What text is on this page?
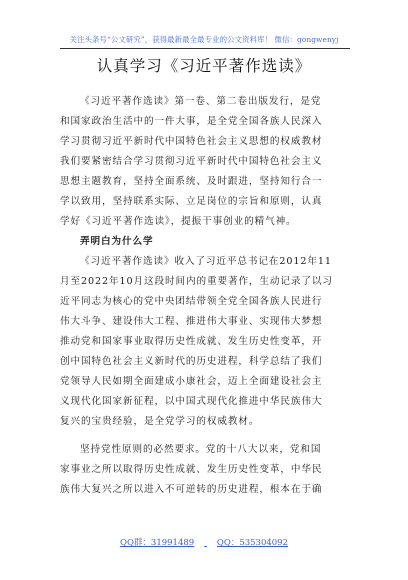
关注头条号“公文研究”，获得最新最全最专业的公文资料库！ 微信：gongwenyj
认真学习《习近平著作选读》
《习近平著作选读》第一卷、第二卷出版发行，是党
和国家政治生活中的一件大事，是全党全国各族人民深入
学习贯彻习近平新时代中国特色社会主义思想的权威教材
我们要紧密结合学习贯彻习近平新时代中国特色社会主义
思想主题教育，坚持全面系统、及时跟进，坚持知行合一
学以致用，坚持联系实际、立足岗位的宗旨和原则，认真
学好《习近平著作选读》，提振干事创业的精气神。
弄明白为什么学
《习近平著作选读》收入了习近平总书记在2012年11
月至2022年10月这段时间内的重要著作，生动记录了以习
近平同志为核心的党中央团结带领全党全国各族人民进行
伟大斗争、建设伟大工程、推进伟大事业、实现伟大梦想
推动党和国家事业取得历史性成就、发生历史性变革，开
创中国特色社会主义新时代的历史进程，科学总结了我们
党领导人民如期全面建成小康社会，迈上全面建设社会主
义现代化国家新征程，以中国式现代化推进中华民族伟大
复兴的宝贵经验，是全党学习的权威教材。
坚持党性原则的必然要求。党的十八大以来，党和国
家事业之所以取得历史性成就、发生历史性变革，中华民
族伟大复兴之所以进入不可逆转的历史进程，根本在于确
QQ群：31991489	QQ：535304092
